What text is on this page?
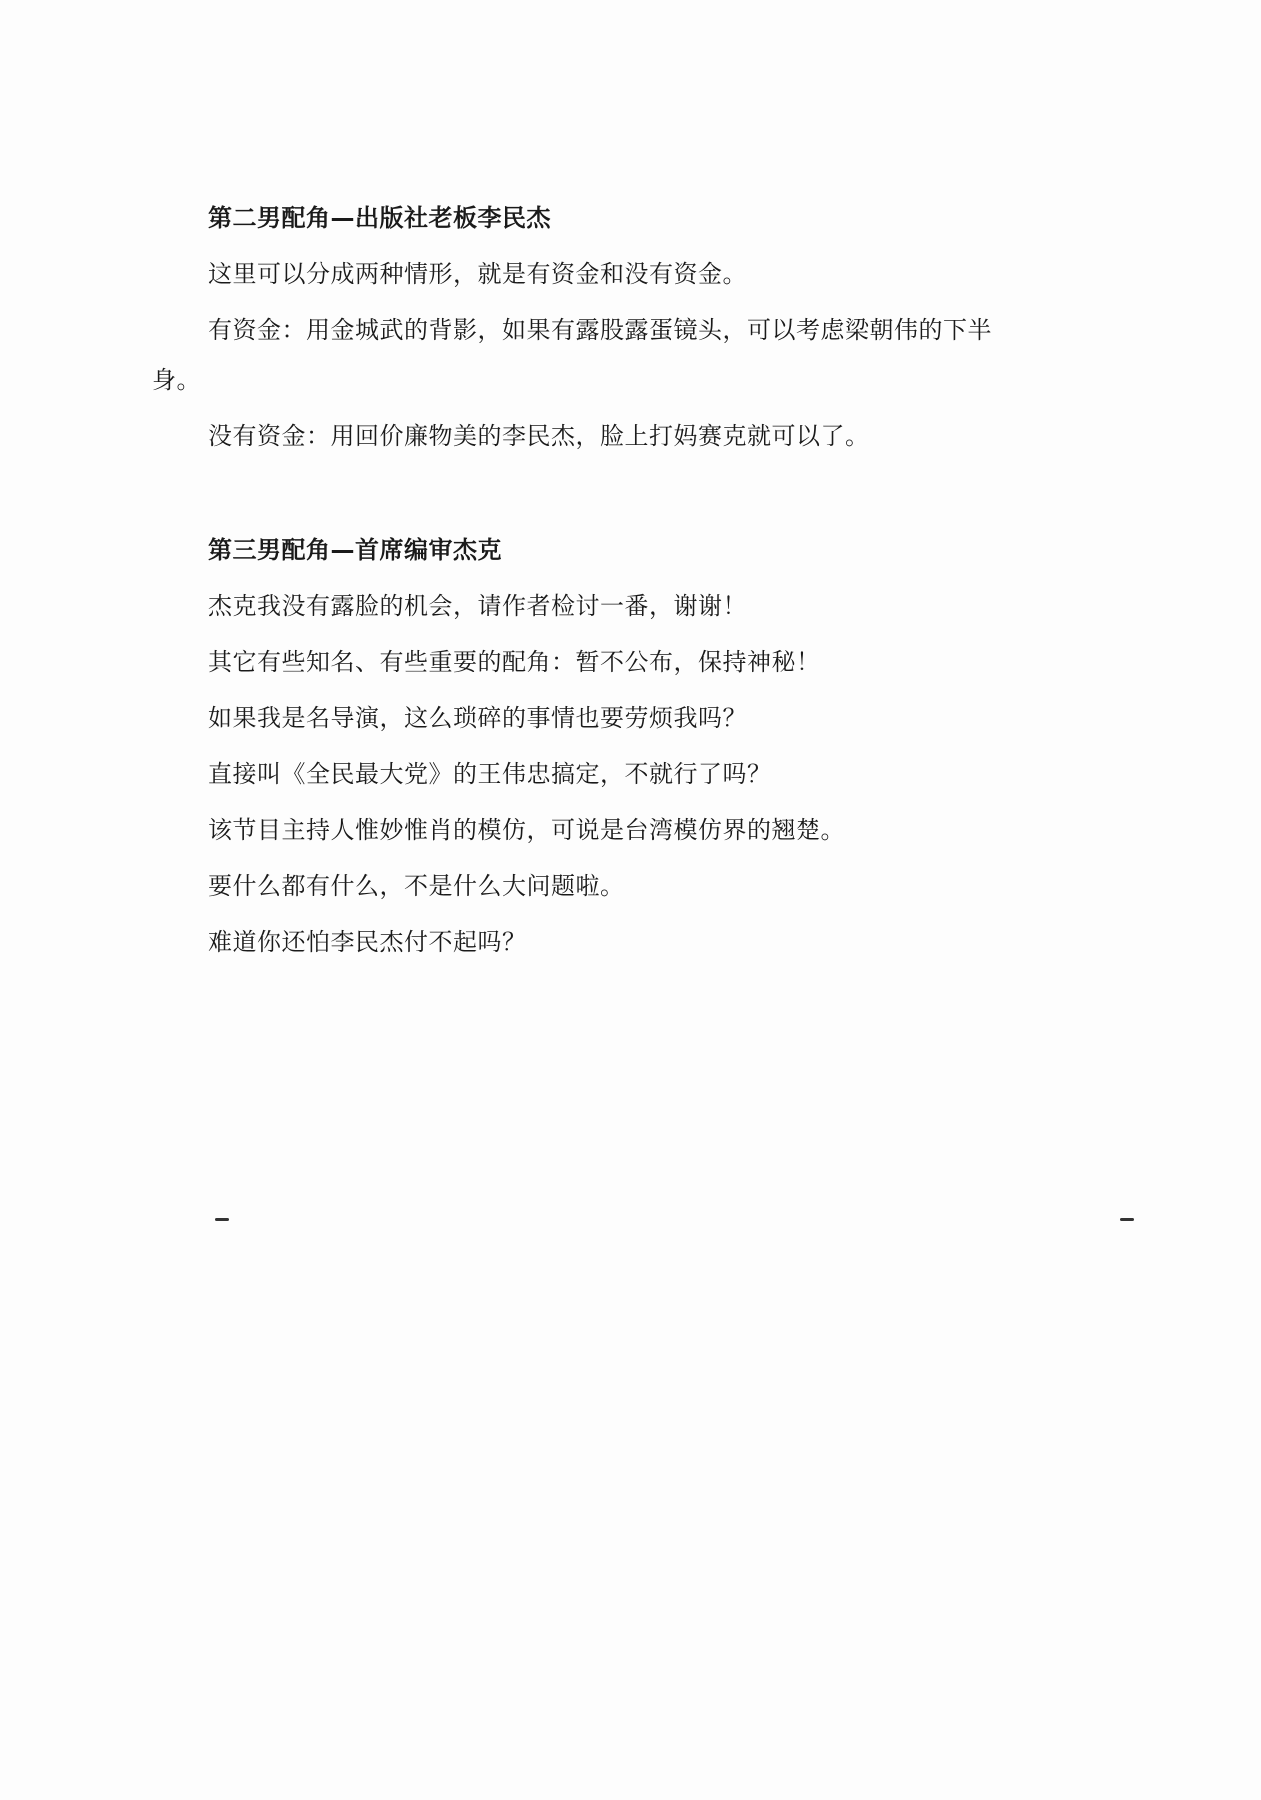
第二男配角—出版社老板李民杰
这里可以分成两种情形，就是有资金和没有资金。
有资金：用金城武的背影，如果有露股露蛋镜头，可以考虑梁朝伟的下半
身。
没有资金：用回价廉物美的李民杰，脸上打妈赛克就可以了。
第三男配角—首席编审杰克
杰克我没有露脸的机会，请作者检讨一番，谢谢！
其它有些知名、有些重要的配角：暂不公布，保持神秘！
如果我是名导演，这么琐碎的事情也要劳烦我吗？
直接叫《全民最大党》的王伟忠搞定，不就行了吗？
该节目主持人惟妙惟肖的模仿，可说是台湾模仿界的翘楚。
要什么都有什么，不是什么大问题啦。
难道你还怕李民杰付不起吗？
